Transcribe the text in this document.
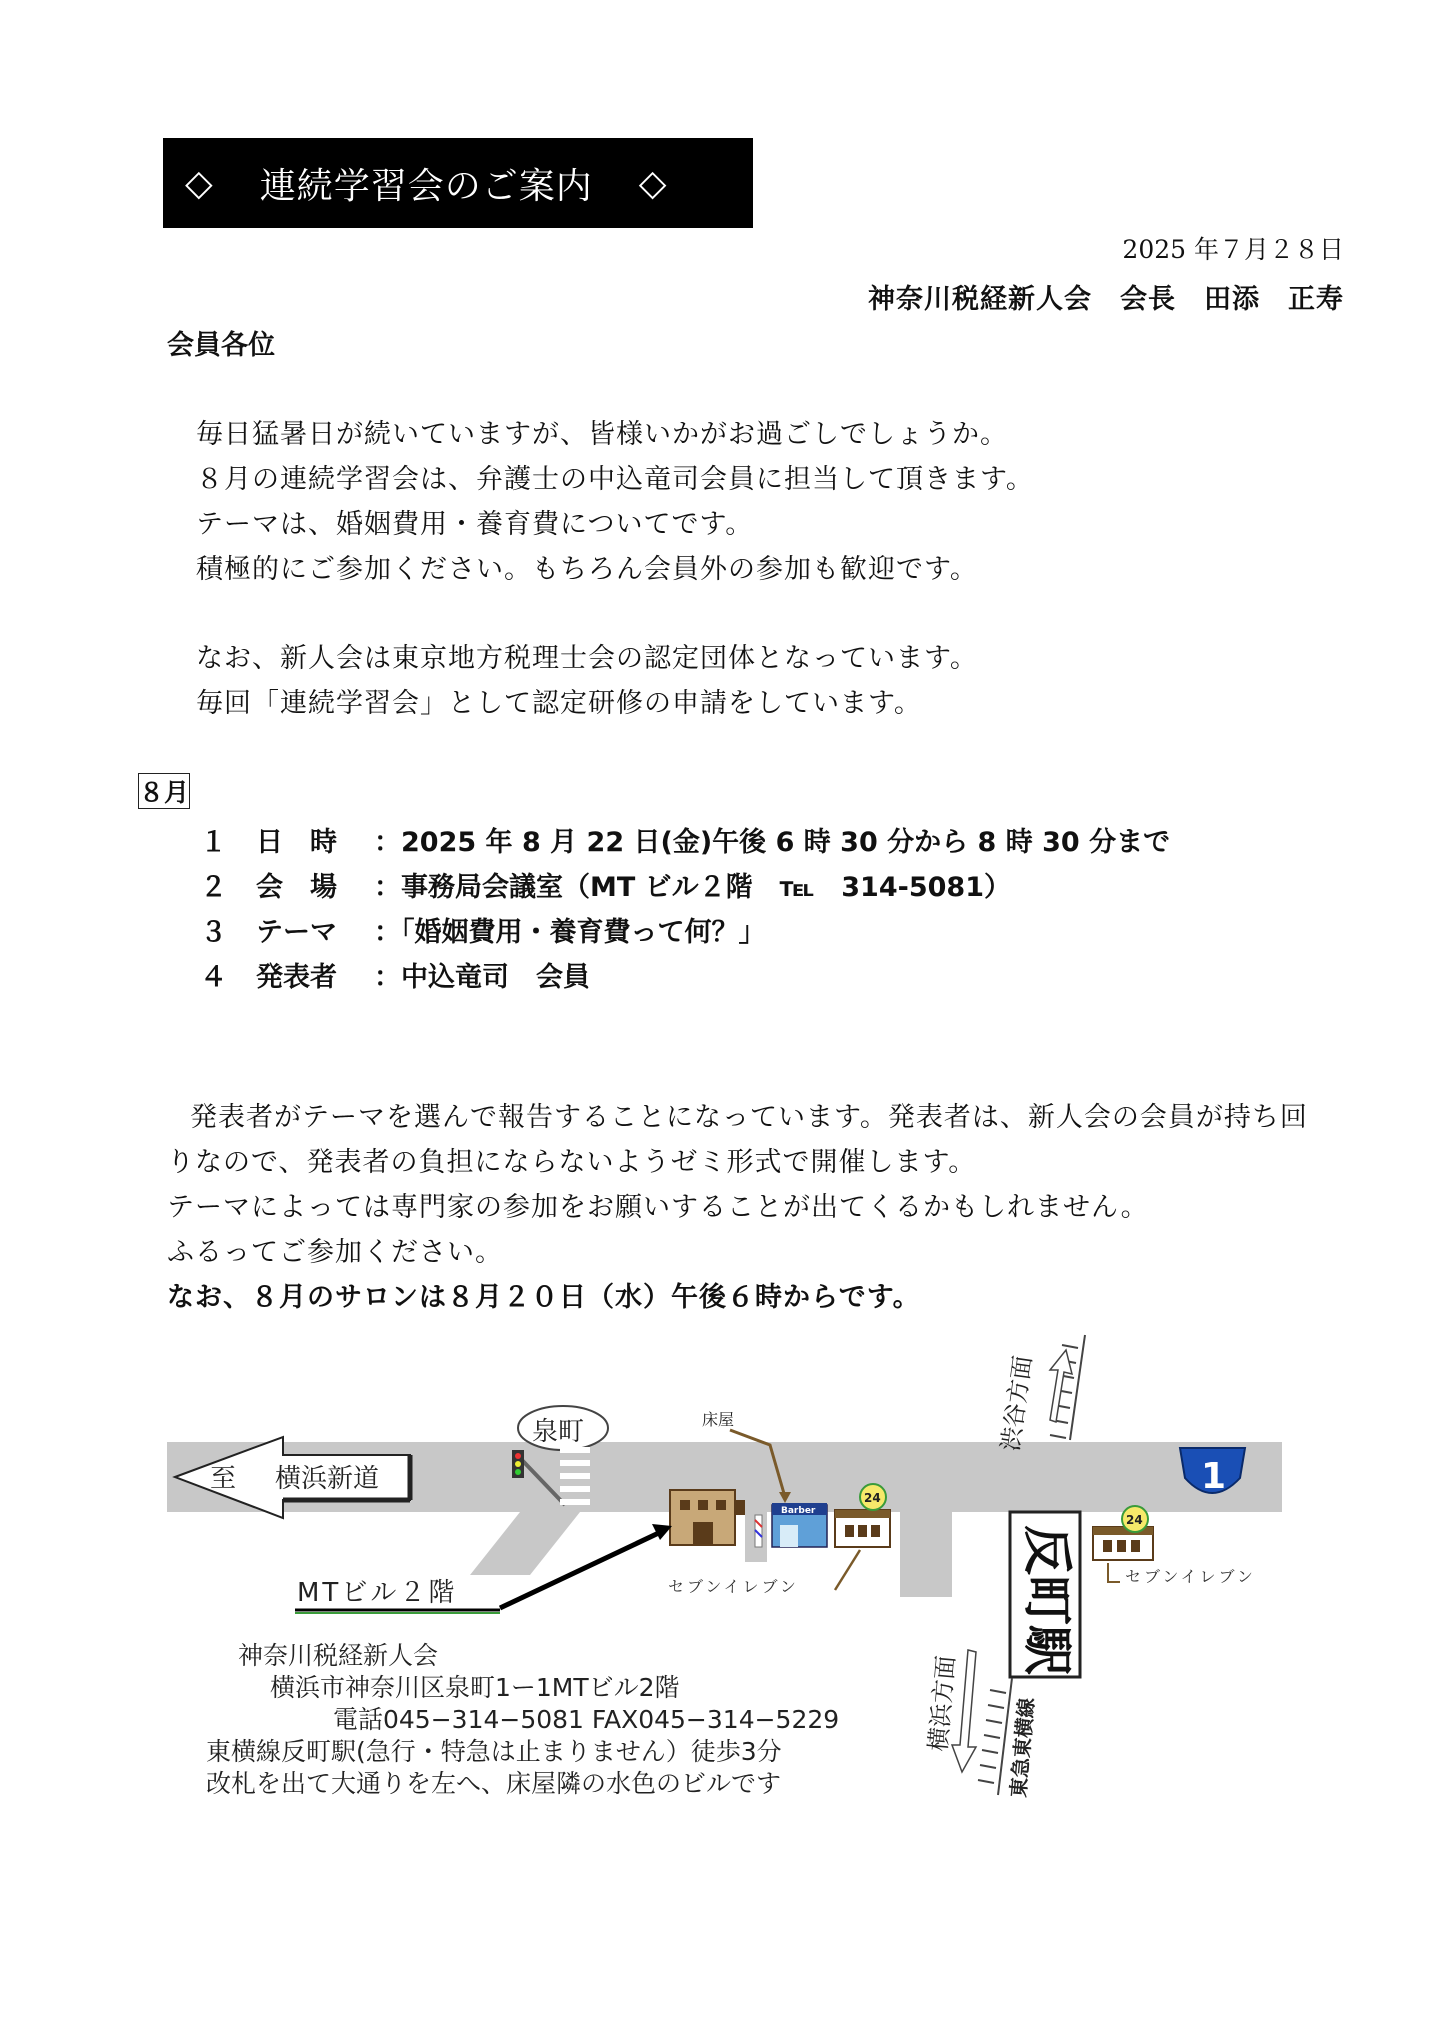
◇ 連続学習会のご案内 ◇
2025 年７月２８日
神奈川税経新人会　会長　田添　正寿
会員各位
毎日猛暑日が続いていますが、皆様いかがお過ごしでしょうか。
８月の連続学習会は、弁護士の中込竜司会員に担当して頂きます。
テーマは、婚姻費用・養育費についてです。
積極的にご参加ください。もちろん会員外の参加も歓迎です。
なお、新人会は東京地方税理士会の認定団体となっています。
毎回「連続学習会」として認定研修の申請をしています。
８月
１ 日　時 ：2025 年 8 月 22 日(金)午後 6 時 30 分から 8 時 30 分まで
２ 会　場 ：事務局会議室（MT ビル２階　℡　314-5081）
３ テーマ ：「婚姻費用・養育費って何？」
４ 発表者 ：中込竜司　会員
発表者がテーマを選んで報告することになっています。発表者は、新人会の会員が持ち回
りなので、発表者の負担にならないようゼミ形式で開催します。
テーマによっては専門家の参加をお願いすることが出てくるかもしれません。
ふるってご参加ください。
なお、８月のサロンは８月２０日（水）午後６時からです。
至 横浜新道
泉町
Barber
床屋
24
セブンイレブン
24
セブンイレブン
1
渋谷方面
反町駅
横浜方面 東急東横線
MTビル２階
神奈川税経新人会
横浜市神奈川区泉町1ー1MTビル2階
電話045−314−5081 FAX045−314−5229
東横線反町駅(急行・特急は止まりません）徒歩3分
改札を出て大通りを左へ、床屋隣の水色のビルです
